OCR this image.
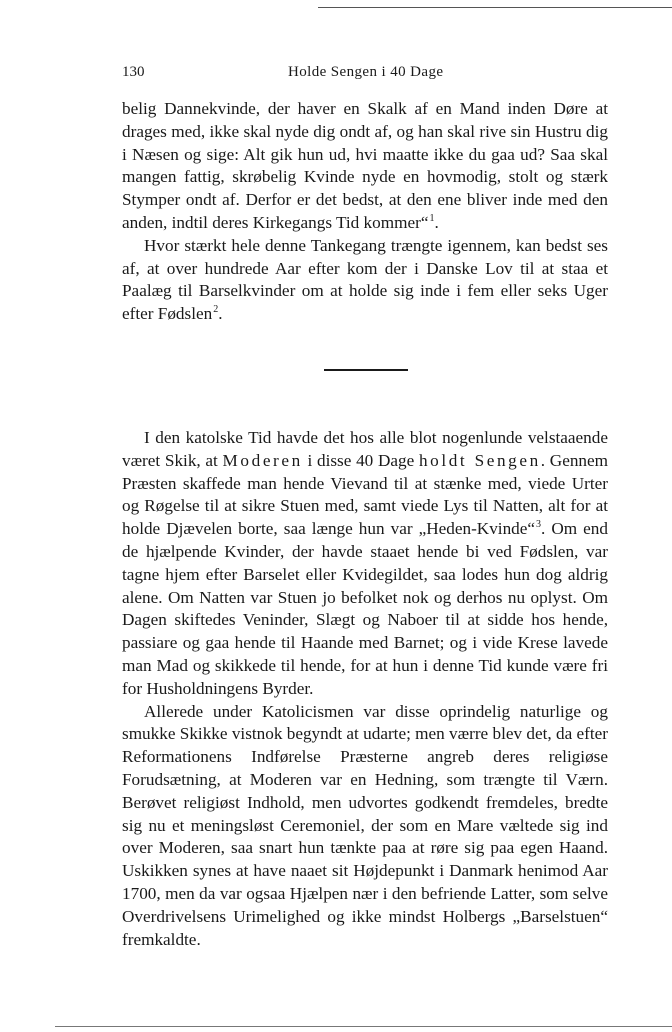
130	Holde Sengen i 40 Dage

belig Dannekvinde, der haver en Skalk af en Mand inden Døre at drages med, ikke skal nyde dig ondt af, og han skal rive sin Hustru dig i Næsen og sige: Alt gik hun ud, hvi maatte ikke du gaa ud? Saa skal mangen fattig, skrøbelig Kvinde nyde en hovmodig, stolt og stærk Stymper ondt af. Derfor er det bedst, at den ene bliver inde med den anden, indtil deres Kirkegangs Tid kommer“$^1$.

Hvor stærkt hele denne Tankegang trængte igennem, kan bedst ses af, at over hundrede Aar efter kom der i Danske Lov til at staa et Paalæg til Barselkvinder om at holde sig inde i fem eller seks Uger efter Fødslen$^2$.

I den katolske Tid havde det hos alle blot nogenlunde velstaaende været Skik, at Moderen i disse 40 Dage holdt Sengen. Gennem Præsten skaffede man hende Vievand til at stænke med, viede Urter og Røgelse til at sikre Stuen med, samt viede Lys til Natten, alt for at holde Djævelen borte, saa længe hun var „Heden-Kvinde“$^3$. Om end de hjælpende Kvinder, der havde staaet hende bi ved Fødslen, var tagne hjem efter Barselet eller Kvidegildet, saa lodes hun dog aldrig alene. Om Natten var Stuen jo befolket nok og derhos nu oplyst. Om Dagen skiftedes Veninder, Slægt og Naboer til at sidde hos hende, passiare og gaa hende til Haande med Barnet; og i vide Krese lavede man Mad og skikkede til hende, for at hun i denne Tid kunde være fri for Husholdningens Byrder.

Allerede under Katolicismen var disse oprindelig naturlige og smukke Skikke vistnok begyndt at udarte; men værre blev det, da efter Reformationens Indførelse Præsterne angreb deres religiøse Forudsætning, at Moderen var en Hedning, som trængte til Værn. Berøvet religiøst Indhold, men udvortes godkendt fremdeles, bredte sig nu et meningsløst Ceremoniel, der som en Mare væltede sig ind over Moderen, saa snart hun tænkte paa at røre sig paa egen Haand. Uskikken synes at have naaet sit Højdepunkt i Danmark henimod Aar 1700, men da var ogsaa Hjælpen nær i den befriende Latter, som selve Overdrivelsens Urimelighed og ikke mindst Holbergs „Barselstuen“ fremkaldte.
